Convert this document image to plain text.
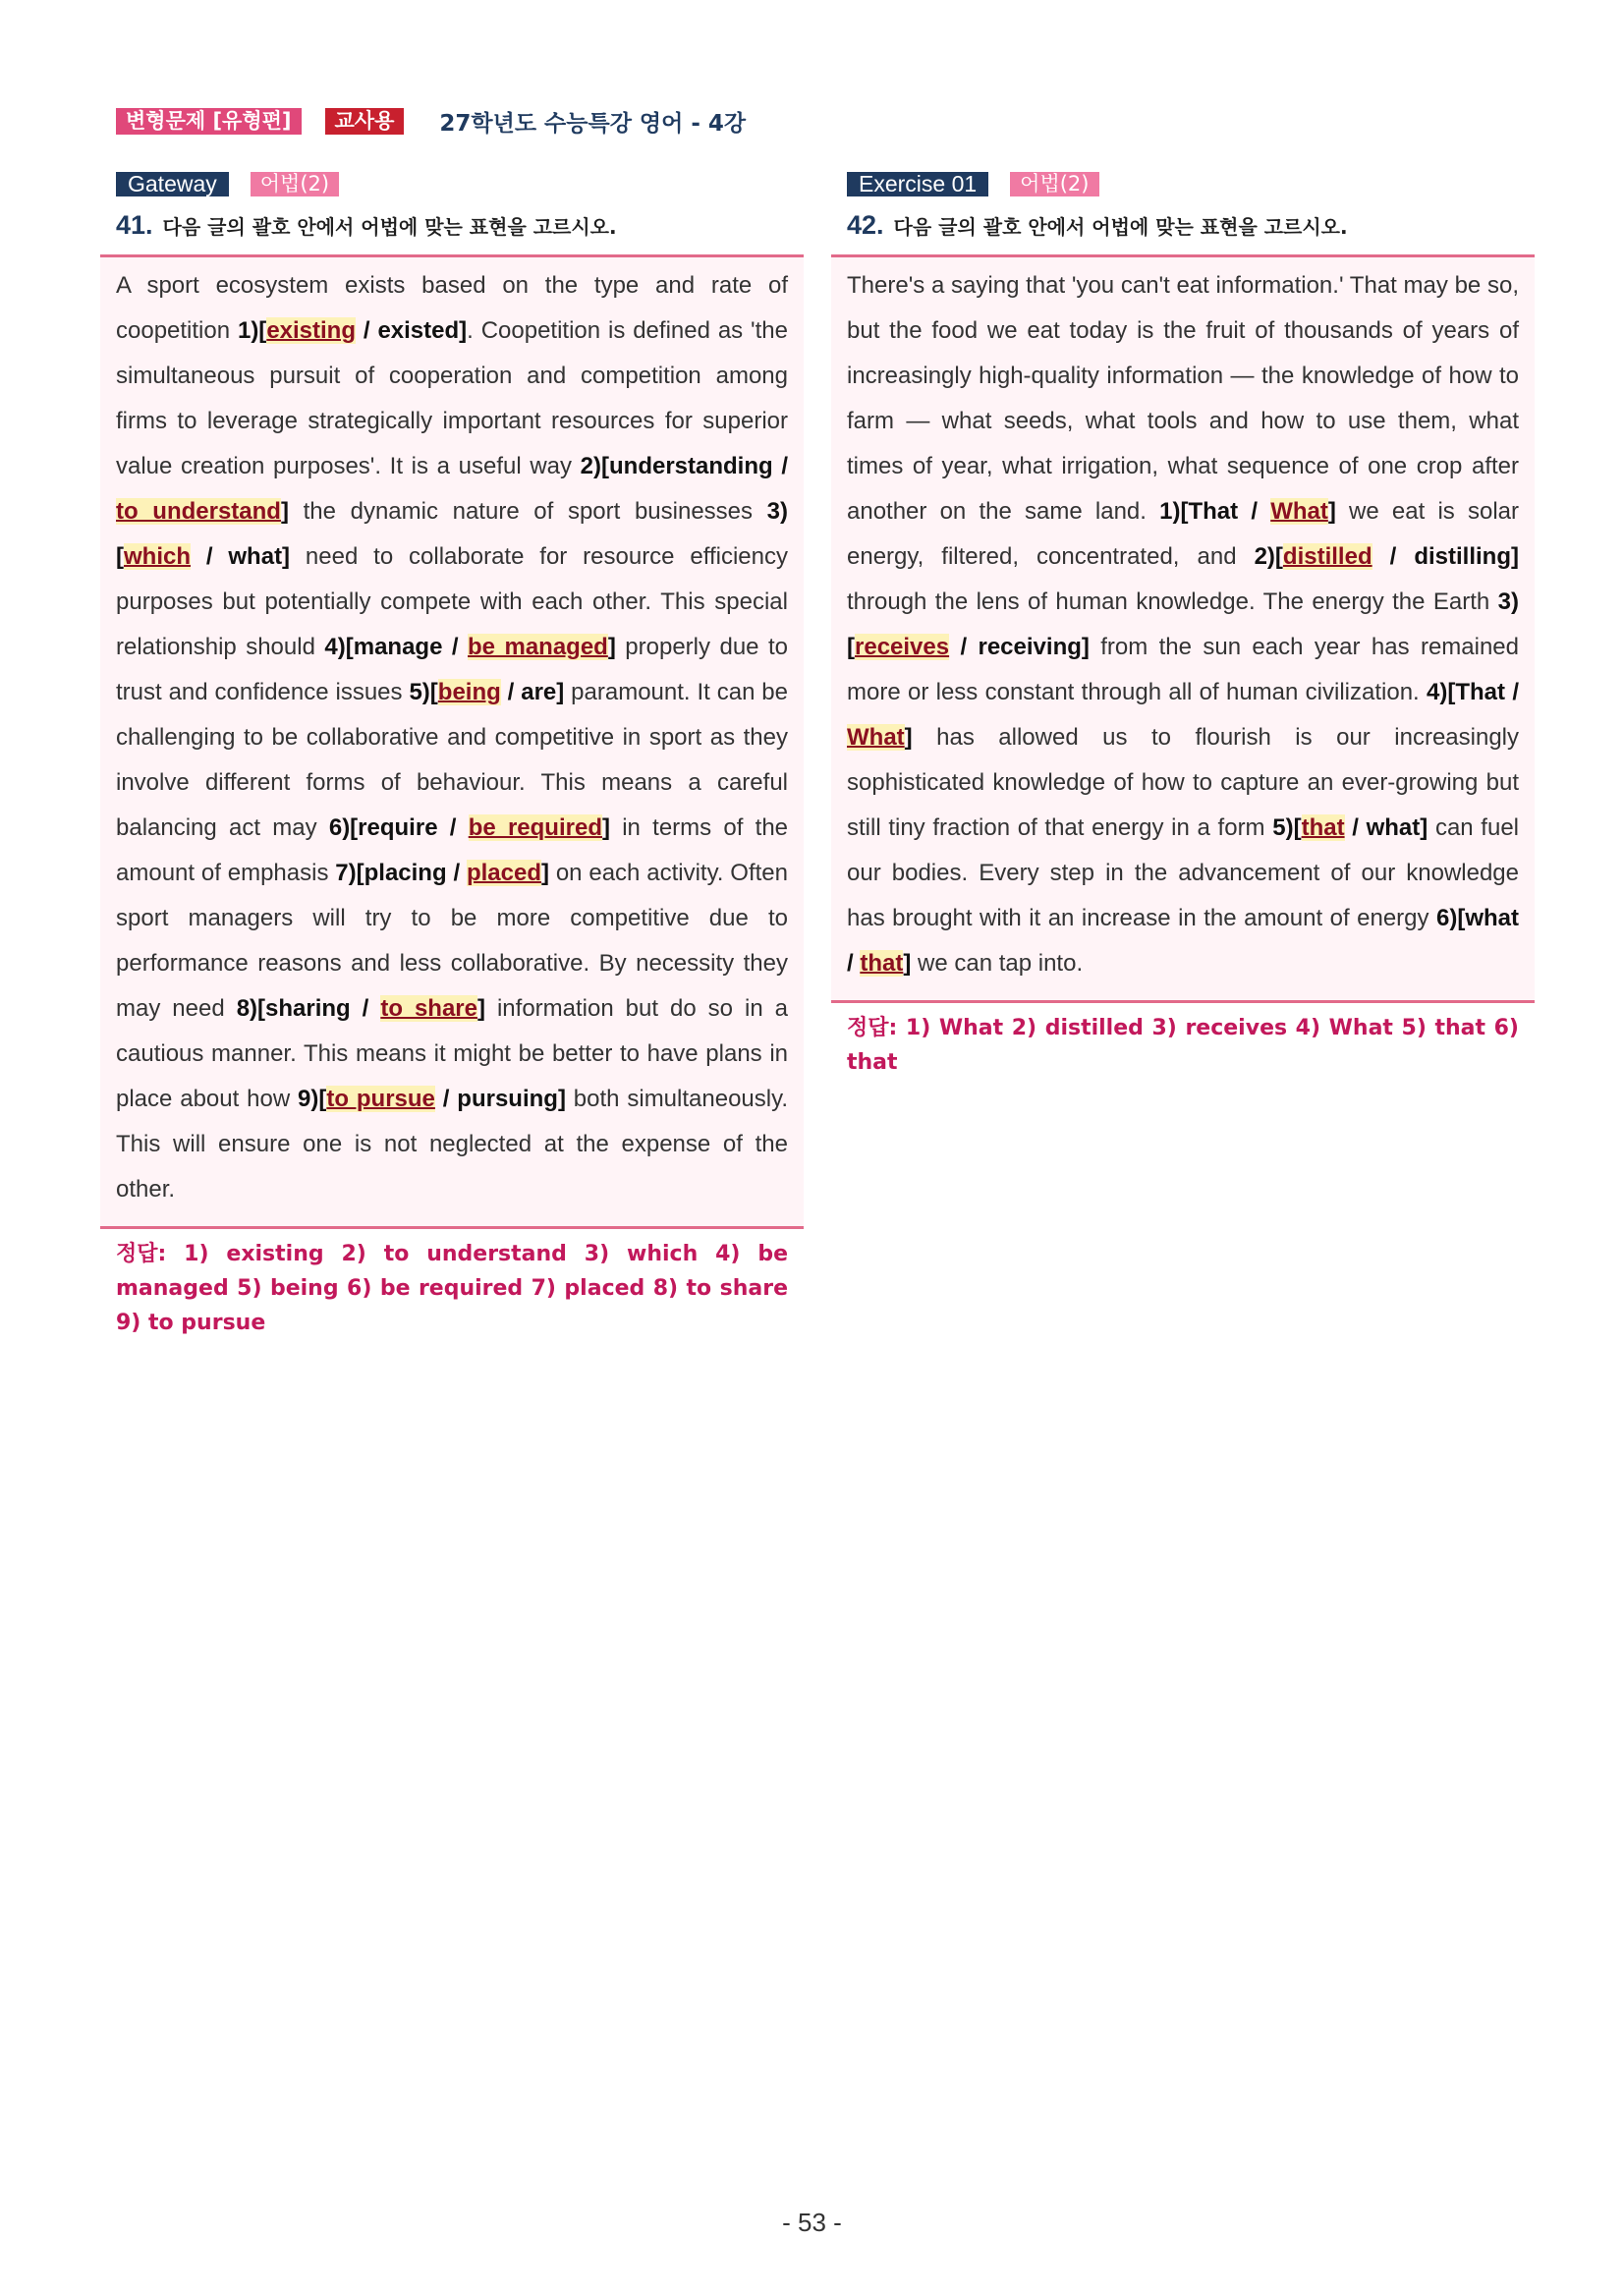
변형문제 [유형편]	교사용	27학년도 수능특강 영어 - 4강
Gateway	어법(2)
41. 다음 글의 괄호 안에서 어법에 맞는 표현을 고르시오.

A sport ecosystem exists based on the type and rate of coopetition 1)[existing / existed]. Coopetition is defined as 'the simultaneous pursuit of cooperation and competition among firms to leverage strategically important resources for superior value creation purposes'. It is a useful way 2)[understanding / to understand] the dynamic nature of sport businesses 3)[which / what] need to collaborate for resource efficiency purposes but potentially compete with each other. This special relationship should 4)[manage / be managed] properly due to trust and confidence issues 5)[being / are] paramount. It can be challenging to be collaborative and competitive in sport as they involve different forms of behaviour. This means a careful balancing act may 6)[require / be required] in terms of the amount of emphasis 7)[placing / placed] on each activity. Often sport managers will try to be more competitive due to performance reasons and less collaborative. By necessity they may need 8)[sharing / to share] information but do so in a cautious manner. This means it might be better to have plans in place about how 9)[to pursue / pursuing] both simultaneously. This will ensure one is not neglected at the expense of the other.

정답: 1) existing 2) to understand 3) which 4) be managed 5) being 6) be required 7) placed 8) to share 9) to pursue
Exercise 01	어법(2)
42. 다음 글의 괄호 안에서 어법에 맞는 표현을 고르시오.

There's a saying that 'you can't eat information.' That may be so, but the food we eat today is the fruit of thousands of years of increasingly high-quality information — the knowledge of how to farm — what seeds, what tools and how to use them, what times of year, what irrigation, what sequence of one crop after another on the same land. 1)[That / What] we eat is solar energy, filtered, concentrated, and 2)[distilled / distilling] through the lens of human knowledge. The energy the Earth 3)[receives / receiving] from the sun each year has remained more or less constant through all of human civilization. 4)[That / What] has allowed us to flourish is our increasingly sophisticated knowledge of how to capture an ever-growing but still tiny fraction of that energy in a form 5)[that / what] can fuel our bodies. Every step in the advancement of our knowledge has brought with it an increase in the amount of energy 6)[what / that] we can tap into.

정답: 1) What 2) distilled 3) receives 4) What 5) that 6) that
- 53 -
